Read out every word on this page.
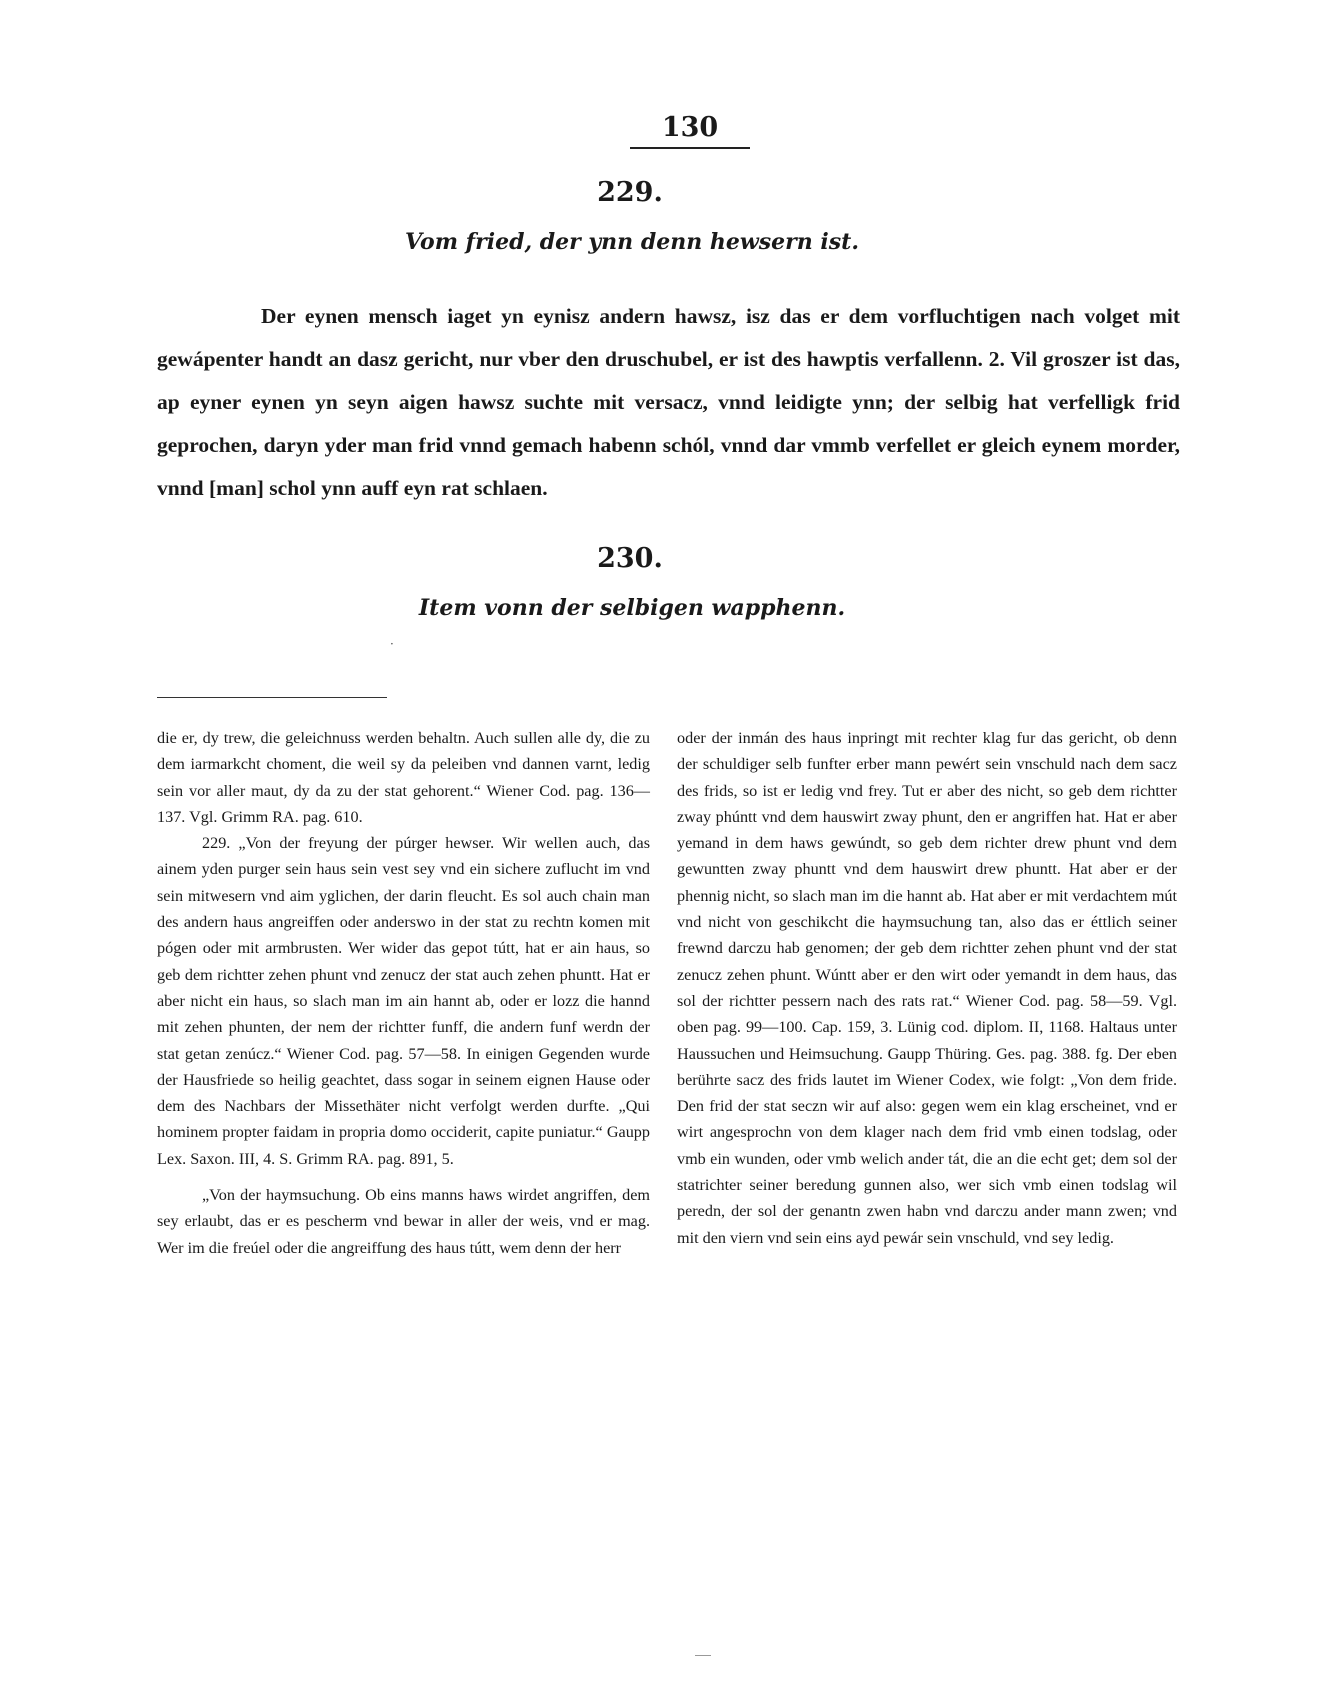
130
229.
Vom fried, der ynn denn hewsern ist.

Der eynen mensch iaget yn eynisz andern hawsz, isz das er dem vorfluchtigen nach volget mit gewápenter handt an dasz gericht, nur vber den druschubel, er ist des hawptis verfallenn. 2. Vil groszer ist das, ap eyner eynen yn seyn aigen hawsz suchte mit versacz, vnnd leidigte ynn; der selbig hat verfelligk frid geprochen, daryn yder man frid vnnd gemach habenn schól, vnnd dar vmmb verfellet er gleich eynem morder, vnnd [man] schol ynn auff eyn rat schlaen.

230.
Item vonn der selbigen wapphenn.
·

die er, dy trew, die geleichnuss werden behaltn. Auch sullen alle dy, die zu dem iarmarkcht choment, die weil sy da peleiben vnd dannen varnt, ledig sein vor aller maut, dy da zu der stat gehorent.“ Wiener Cod. pag. 136—137. Vgl. Grimm RA. pag. 610.

229. „Von der freyung der púrger hewser. Wir wellen auch, das ainem yden purger sein haus sein vest sey vnd ein sichere zuflucht im vnd sein mitwesern vnd aim yglichen, der darin fleucht. Es sol auch chain man des andern haus angreiffen oder anderswo in der stat zu rechtn komen mit pógen oder mit armbrusten. Wer wider das gepot tútt, hat er ain haus, so geb dem richtter zehen phunt vnd zenucz der stat auch zehen phuntt. Hat er aber nicht ein haus, so slach man im ain hannt ab, oder er lozz die hannd mit zehen phunten, der nem der richtter funff, die andern funf werdn der stat getan zenúcz.“ Wiener Cod. pag. 57—58. In einigen Gegenden wurde der Hausfriede so heilig geachtet, dass sogar in seinem eignen Hause oder dem des Nachbars der Missethäter nicht verfolgt werden durfte. „Qui hominem propter faidam in propria domo occiderit, capite puniatur.“ Gaupp Lex. Saxon. III, 4. S. Grimm RA. pag. 891, 5.

„Von der haymsuchung. Ob eins manns haws wirdet angriffen, dem sey erlaubt, das er es pescherm vnd bewar in aller der weis, vnd er mag. Wer im die freúel oder die angreiffung des haus tútt, wem denn der herr

oder der inmán des haus inpringt mit rechter klag fur das gericht, ob denn der schuldiger selb funfter erber mann pewért sein vnschuld nach dem sacz des frids, so ist er ledig vnd frey. Tut er aber des nicht, so geb dem richtter zway phúntt vnd dem hauswirt zway phunt, den er angriffen hat. Hat er aber yemand in dem haws gewúndt, so geb dem richter drew phunt vnd dem gewuntten zway phuntt vnd dem hauswirt drew phuntt. Hat aber er der phennig nicht, so slach man im die hannt ab. Hat aber er mit verdachtem mút vnd nicht von geschikcht die haymsuchung tan, also das er éttlich seiner frewnd darczu hab genomen; der geb dem richtter zehen phunt vnd der stat zenucz zehen phunt. Wúntt aber er den wirt oder yemandt in dem haus, das sol der richtter pessern nach des rats rat.“ Wiener Cod. pag. 58—59. Vgl. oben pag. 99—100. Cap. 159, 3. Lünig cod. diplom. II, 1168. Haltaus unter Haussuchen und Heimsuchung. Gaupp Thüring. Ges. pag. 388. fg. Der eben berührte sacz des frids lautet im Wiener Codex, wie folgt: „Von dem fride. Den frid der stat seczn wir auf also: gegen wem ein klag erscheinet, vnd er wirt angesprochn von dem klager nach dem frid vmb einen todslag, oder vmb ein wunden, oder vmb welich ander tát, die an die echt get; dem sol der statrichter seiner beredung gunnen also, wer sich vmb einen todslag wil peredn, der sol der genantn zwen habn vnd darczu ander mann zwen; vnd mit den viern vnd sein eins ayd pewár sein vnschuld, vnd sey ledig.
